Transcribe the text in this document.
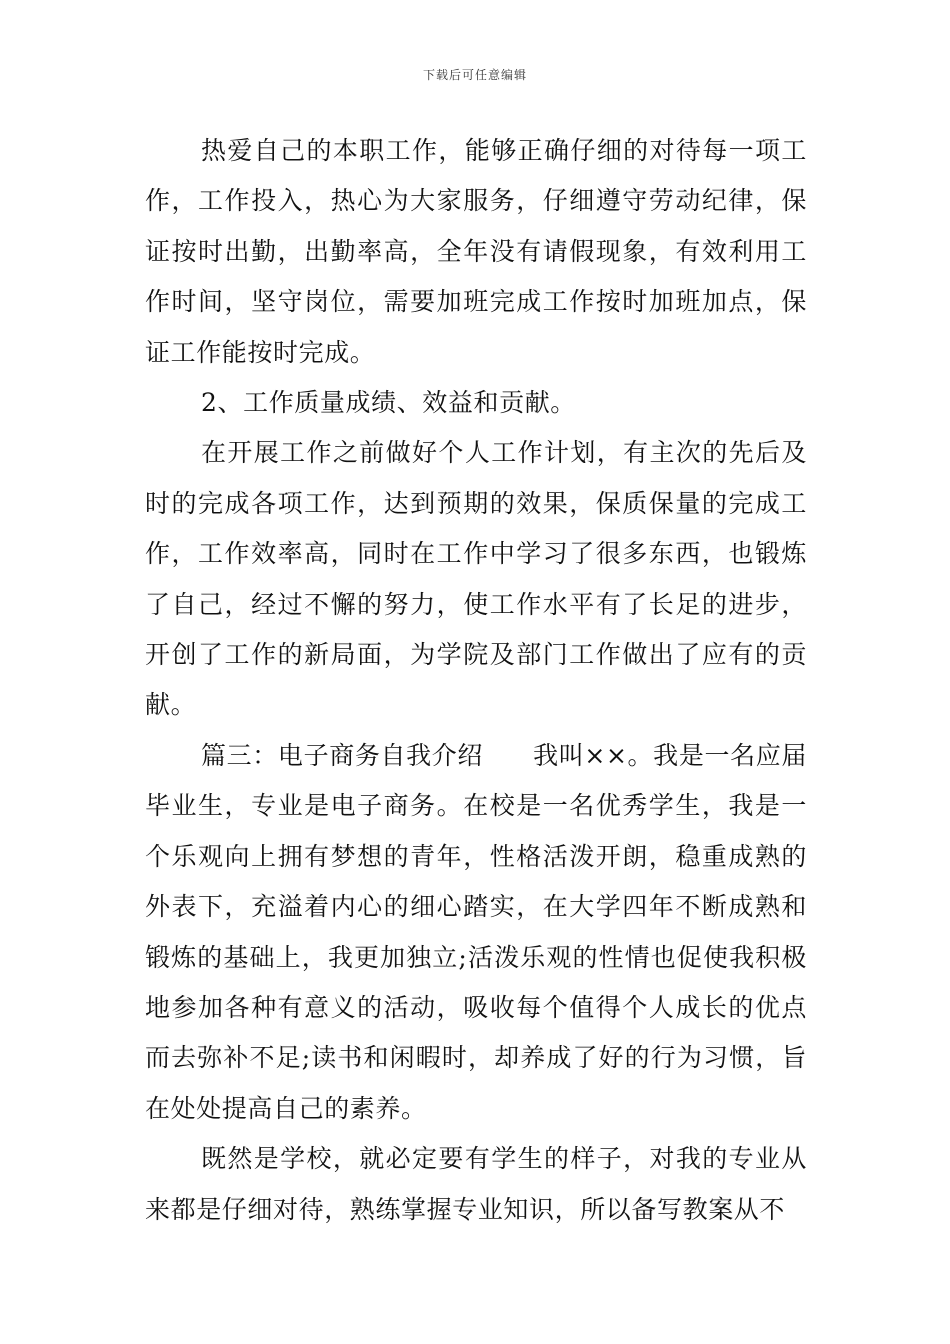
下载后可任意编辑

热爱自己的本职工作，能够正确仔细的对待每一项工作，工作投入，热心为大家服务，仔细遵守劳动纪律，保证按时出勤，出勤率高，全年没有请假现象，有效利用工作时间，坚守岗位，需要加班完成工作按时加班加点，保证工作能按时完成。

2、工作质量成绩、效益和贡献。

在开展工作之前做好个人工作计划，有主次的先后及时的完成各项工作，达到预期的效果，保质保量的完成工作，工作效率高，同时在工作中学习了很多东西，也锻炼了自己，经过不懈的努力，使工作水平有了长足的进步，开创了工作的新局面，为学院及部门工作做出了应有的贡献。

篇三：电子商务自我介绍 我叫××。我是一名应届毕业生，专业是电子商务。在校是一名优秀学生，我是一个乐观向上拥有梦想的青年，性格活泼开朗，稳重成熟的外表下，充溢着内心的细心踏实，在大学四年不断成熟和锻炼的基础上，我更加独立;活泼乐观的性情也促使我积极地参加各种有意义的活动，吸收每个值得个人成长的优点而去弥补不足;读书和闲暇时，却养成了好的行为习惯，旨在处处提高自己的素养。

既然是学校，就必定要有学生的样子，对我的专业从来都是仔细对待，熟练掌握专业知识，所以备写教案从不
